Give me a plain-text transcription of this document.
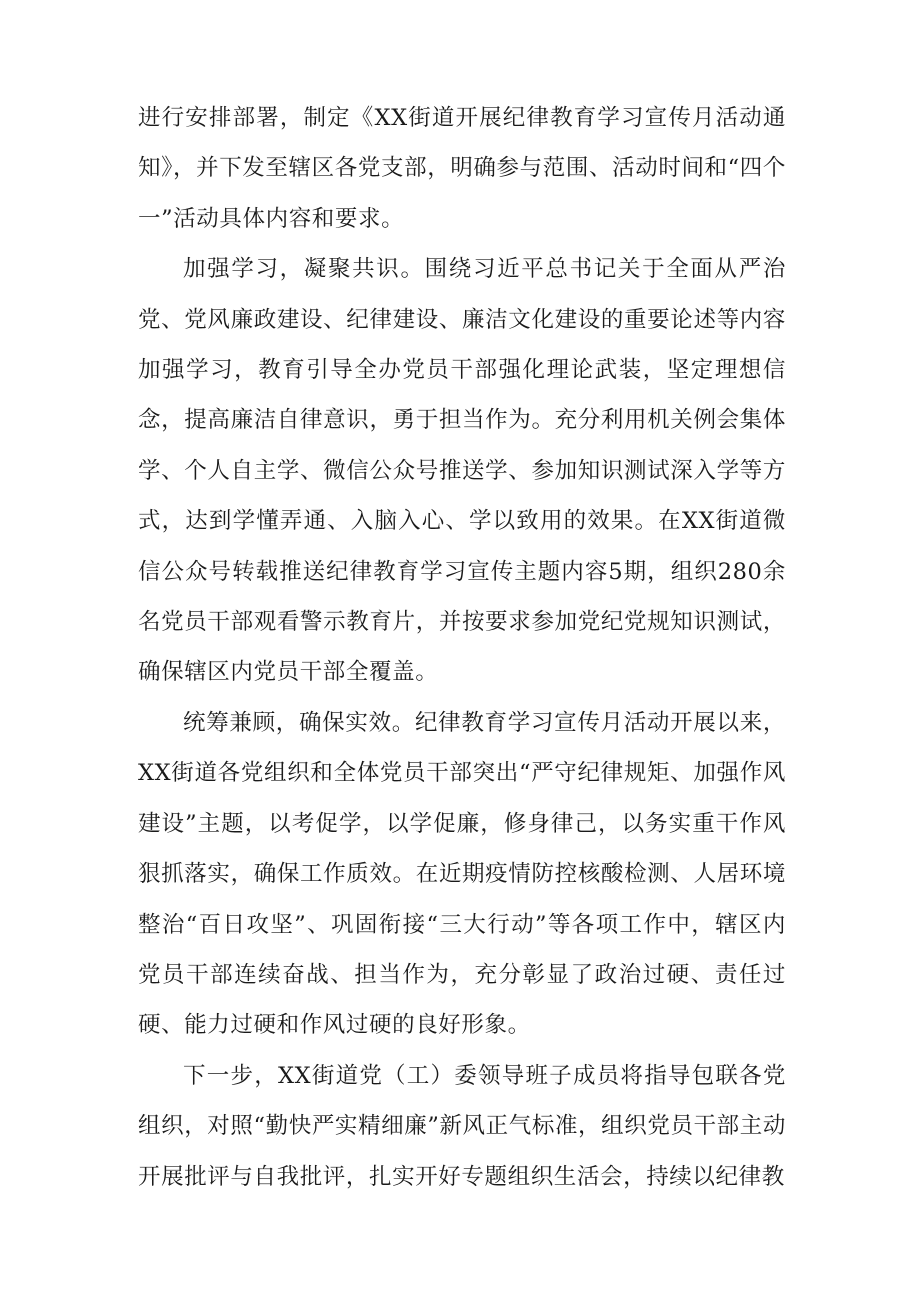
进行安排部署，制定《XX街道开展纪律教育学习宣传月活动通知》，并下发至辖区各党支部，明确参与范围、活动时间和“四个一”活动具体内容和要求。

加强学习，凝聚共识。围绕习近平总书记关于全面从严治党、党风廉政建设、纪律建设、廉洁文化建设的重要论述等内容加强学习，教育引导全办党员干部强化理论武装，坚定理想信念，提高廉洁自律意识，勇于担当作为。充分利用机关例会集体学、个人自主学、微信公众号推送学、参加知识测试深入学等方式，达到学懂弄通、入脑入心、学以致用的效果。在XX街道微信公众号转载推送纪律教育学习宣传主题内容5期，组织280余名党员干部观看警示教育片，并按要求参加党纪党规知识测试，确保辖区内党员干部全覆盖。

统筹兼顾，确保实效。纪律教育学习宣传月活动开展以来，XX街道各党组织和全体党员干部突出“严守纪律规矩、加强作风建设”主题，以考促学，以学促廉，修身律己，以务实重干作风狠抓落实，确保工作质效。在近期疫情防控核酸检测、人居环境整治“百日攻坚”、巩固衔接“三大行动”等各项工作中，辖区内党员干部连续奋战、担当作为，充分彰显了政治过硬、责任过硬、能力过硬和作风过硬的良好形象。

下一步，XX街道党（工）委领导班子成员将指导包联各党组织，对照“勤快严实精细廉”新风正气标准，组织党员干部主动开展批评与自我批评，扎实开好专题组织生活会，持续以纪律教
